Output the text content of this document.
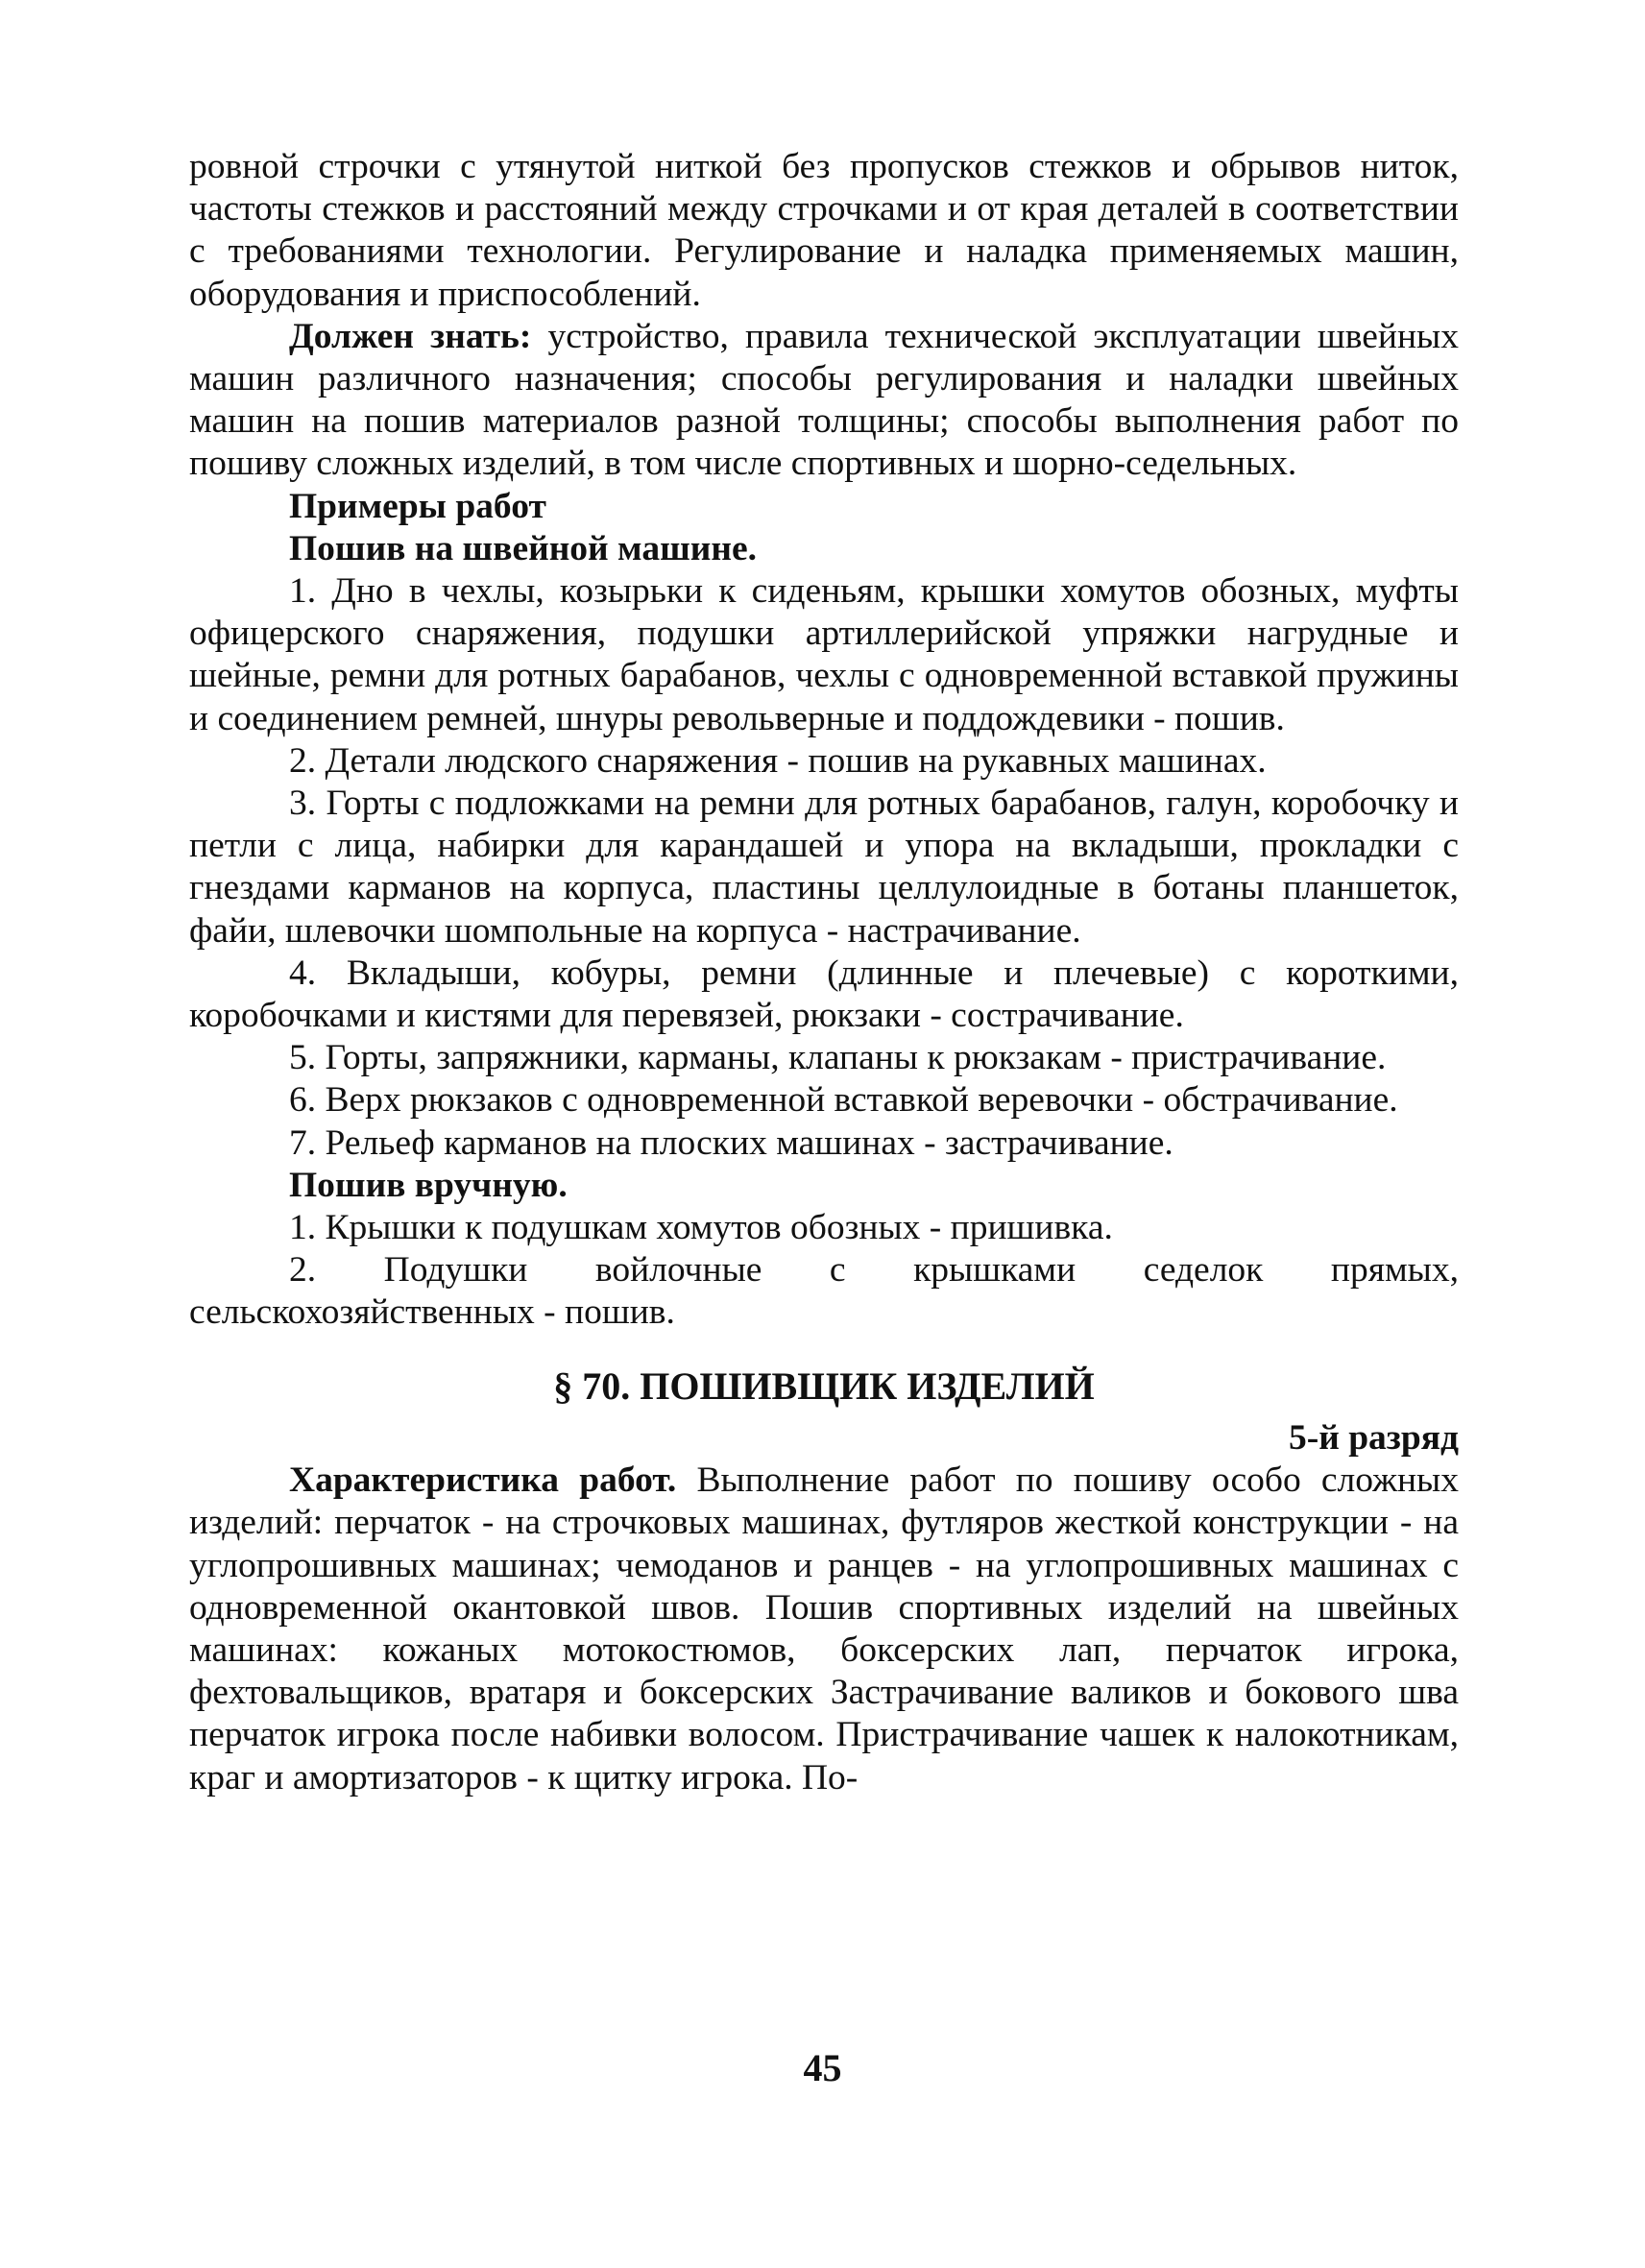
ровной строчки с утянутой ниткой без пропусков стежков и обрывов ниток, частоты стежков и расстояний между строчками и от края деталей в соответствии с требованиями технологии. Регулирование и наладка применяемых машин, оборудования и приспособлений.

Должен знать: устройство, правила технической эксплуатации швейных машин различного назначения; способы регулирования и наладки швейных машин на пошив материалов разной толщины; способы выполнения работ по пошиву сложных изделий, в том числе спортивных и шорно-седельных.

Примеры работ

Пошив на швейной машине.

1. Дно в чехлы, козырьки к сиденьям, крышки хомутов обозных, муфты офицерского снаряжения, подушки артиллерийской упряжки нагрудные и шейные, ремни для ротных барабанов, чехлы с одновременной вставкой пружины и соединением ремней, шнуры револьверные и поддождевики - пошив.

2. Детали людского снаряжения - пошив на рукавных машинах.

3. Горты с подложками на ремни для ротных барабанов, галун, коробочку и петли с лица, набирки для карандашей и упора на вкладыши, прокладки с гнездами карманов на корпуса, пластины целлулоидные в ботаны планшеток, файи, шлевочки шомпольные на корпуса - настрачивание.

4. Вкладыши, кобуры, ремни (длинные и плечевые) с короткими, коробочками и кистями для перевязей, рюкзаки - сострачивание.

5. Горты, запряжники, карманы, клапаны к рюкзакам - пристрачивание.

6. Верх рюкзаков с одновременной вставкой веревочки - обстрачивание.

7. Рельеф карманов на плоских машинах - застрачивание.

Пошив вручную.

1. Крышки к подушкам хомутов обозных - пришивка.

2. Подушки войлочные с крышками седелок прямых, сельскохозяйственных - пошив.

§ 70. ПОШИВЩИК ИЗДЕЛИЙ

5-й разряд

Характеристика работ. Выполнение работ по пошиву особо сложных изделий: перчаток - на строчковых машинах, футляров жесткой конструкции - на углопрошивных машинах; чемоданов и ранцев - на углопрошивных машинах с одновременной окантовкой швов. Пошив спортивных изделий на швейных машинах: кожаных мотокостюмов, боксерских лап, перчаток игрока, фехтовальщиков, вратаря и боксерских Застрачивание валиков и бокового шва перчаток игрока после набивки волосом. Пристрачивание чашек к налокотникам, краг и амортизаторов - к щитку игрока. По-

45
